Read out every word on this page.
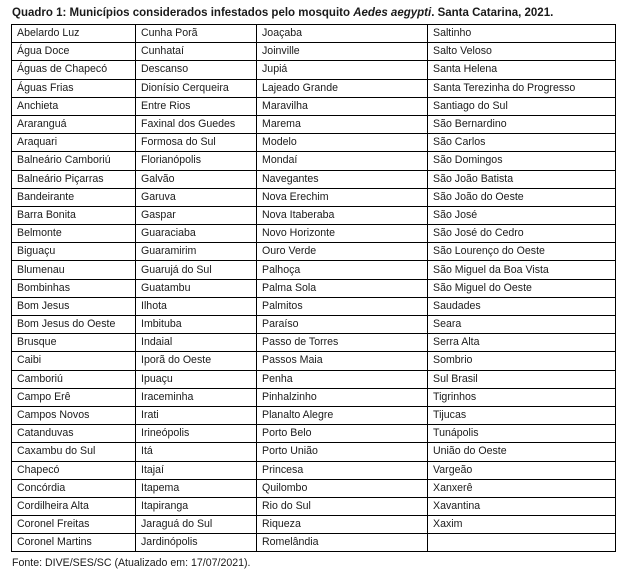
Quadro 1: Municípios considerados infestados pelo mosquito Aedes aegypti. Santa Catarina, 2021.
Abelardo Luz	Cunha Porã	Joaçaba	Saltinho
Água Doce	Cunhataí	Joinville	Salto Veloso
Águas de Chapecó	Descanso	Jupiá	Santa Helena
Águas Frias	Dionísio Cerqueira	Lajeado Grande	Santa Terezinha do Progresso
Anchieta	Entre Rios	Maravilha	Santiago do Sul
Araranguá	Faxinal dos Guedes	Marema	São Bernardino
Araquari	Formosa do Sul	Modelo	São Carlos
Balneário Camboriú	Florianópolis	Mondaí	São Domingos
Balneário Piçarras	Galvão	Navegantes	São João Batista
Bandeirante	Garuva	Nova Erechim	São João do Oeste
Barra Bonita	Gaspar	Nova Itaberaba	São José
Belmonte	Guaraciaba	Novo Horizonte	São José do Cedro
Biguaçu	Guaramirim	Ouro Verde	São Lourenço do Oeste
Blumenau	Guarujá do Sul	Palhoça	São Miguel da Boa Vista
Bombinhas	Guatambu	Palma Sola	São Miguel do Oeste
Bom Jesus	Ilhota	Palmitos	Saudades
Bom Jesus do Oeste	Imbituba	Paraíso	Seara
Brusque	Indaial	Passo de Torres	Serra Alta
Caibi	Iporã do Oeste	Passos Maia	Sombrio
Camboriú	Ipuaçu	Penha	Sul Brasil
Campo Erê	Iraceminha	Pinhalzinho	Tigrinhos
Campos Novos	Irati	Planalto Alegre	Tijucas
Catanduvas	Irineópolis	Porto Belo	Tunápolis
Caxambu do Sul	Itá	Porto União	União do Oeste
Chapecó	Itajaí	Princesa	Vargeão
Concórdia	Itapema	Quilombo	Xanxerê
Cordilheira Alta	Itapiranga	Rio do Sul	Xavantina
Coronel Freitas	Jaraguá do Sul	Riqueza	Xaxim
Coronel Martins	Jardinópolis	Romelândia	
Fonte: DIVE/SES/SC (Atualizado em: 17/07/2021).
